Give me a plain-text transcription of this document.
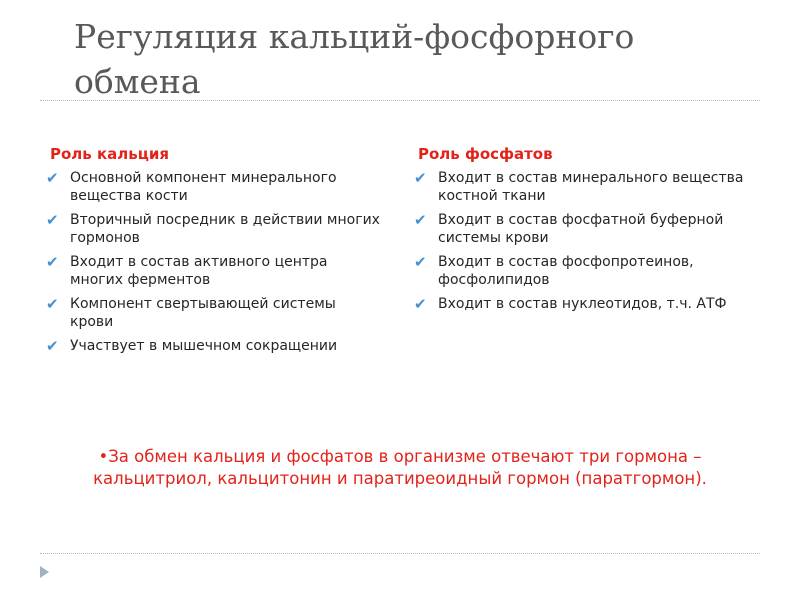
Регуляция кальций-фосфорного
обмена

Роль кальция

✔ Основной компонент минерального вещества кости
✔ Вторичный посредник в действии многих гормонов
✔ Входит в состав активного центра многих ферментов
✔ Компонент свертывающей системы крови
✔ Участвует в мышечном сокращении

Роль фосфатов

✔ Входит в состав минерального вещества костной ткани
✔ Входит в состав фосфатной буферной системы крови
✔ Входит в состав фосфопротеинов, фосфолипидов
✔ Входит в состав нуклеотидов, т.ч. АТФ

•За обмен кальция и фосфатов в организме отвечают три гормона – кальцитриол, кальцитонин и паратиреоидный гормон (паратгормон).
